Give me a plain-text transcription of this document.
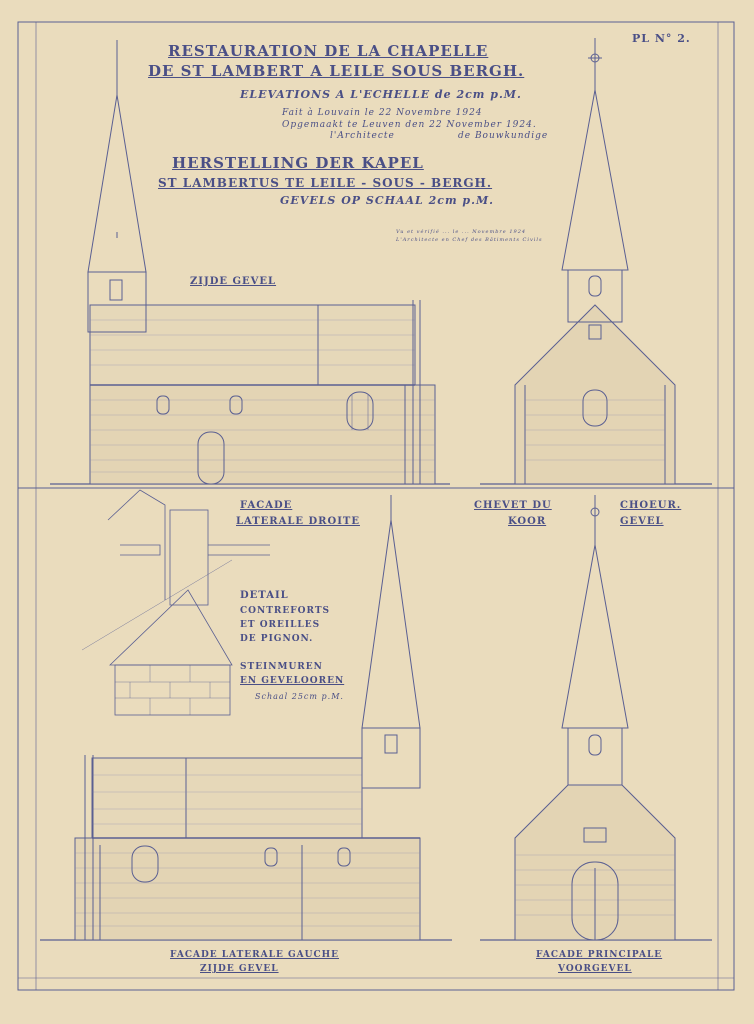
RESTAURATION DE LA CHAPELLE
DE ST LAMBERT A LEILE SOUS BERGH.
ELEVATIONS A L'ECHELLE de 2cm p.M.
Fait à Louvain le 22 Novembre 1924
Opgemaakt te Leuven den 22 November 1924.
l'Architecte	de Bouwkundige
HERSTELLING DER KAPEL
ST LAMBERTUS TE LEILE - SOUS - BERGH.
GEVELS OP SCHAAL 2cm p.M.
PL N° 2.
Vu et vérifié ... le ... Novembre 1924 L'Architecte en Chef des Bâtiments Civils
ZIJDE GEVEL
FACADE
LATERALE DROITE
CHEVET DU
KOOR
CHOEUR.
GEVEL
DETAIL
CONTREFORTS
ET OREILLES
DE PIGNON.
STEINMUREN
EN GEVELOOREN
Schaal 25cm p.M.
FACADE LATERALE GAUCHE
ZIJDE GEVEL
FACADE PRINCIPALE
VOORGEVEL
